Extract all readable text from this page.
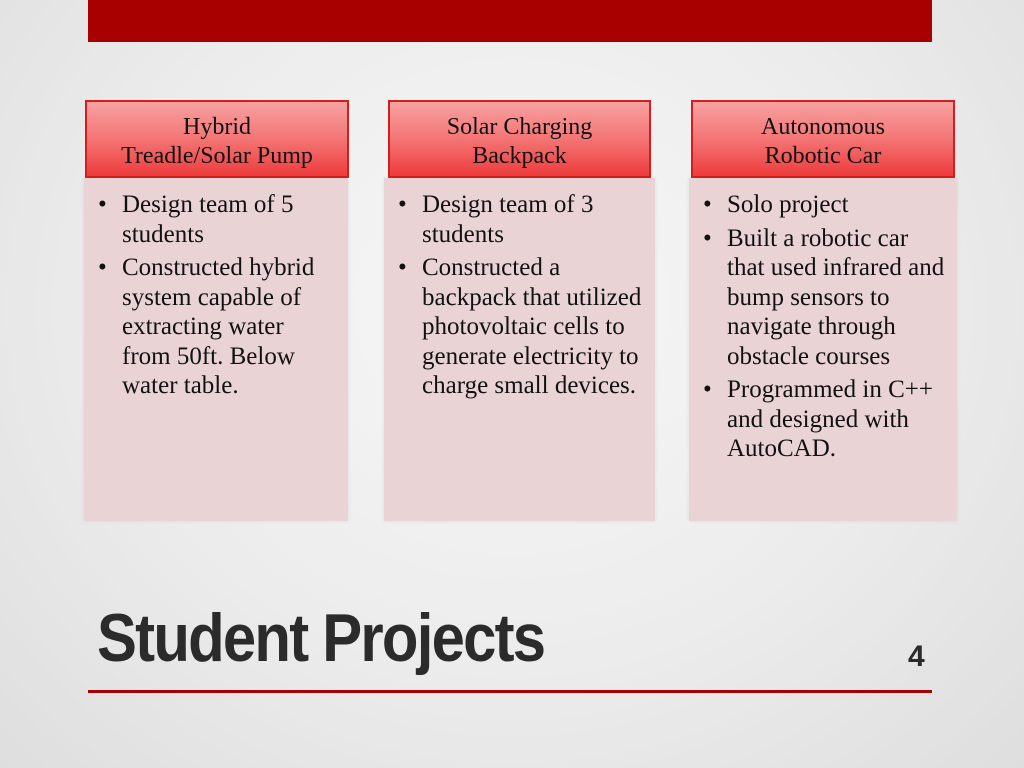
Hybrid
Treadle/Solar Pump
• Design team of 5 students
• Constructed hybrid system capable of extracting water from 50ft. Below water table.
Solar Charging
Backpack
• Design team of 3 students
• Constructed a backpack that utilized photovoltaic cells to generate electricity to charge small devices.
Autonomous
Robotic Car
• Solo project
• Built a robotic car that used infrared and bump sensors to navigate through obstacle courses
• Programmed in C++ and designed with AutoCAD.
Student Projects	4
